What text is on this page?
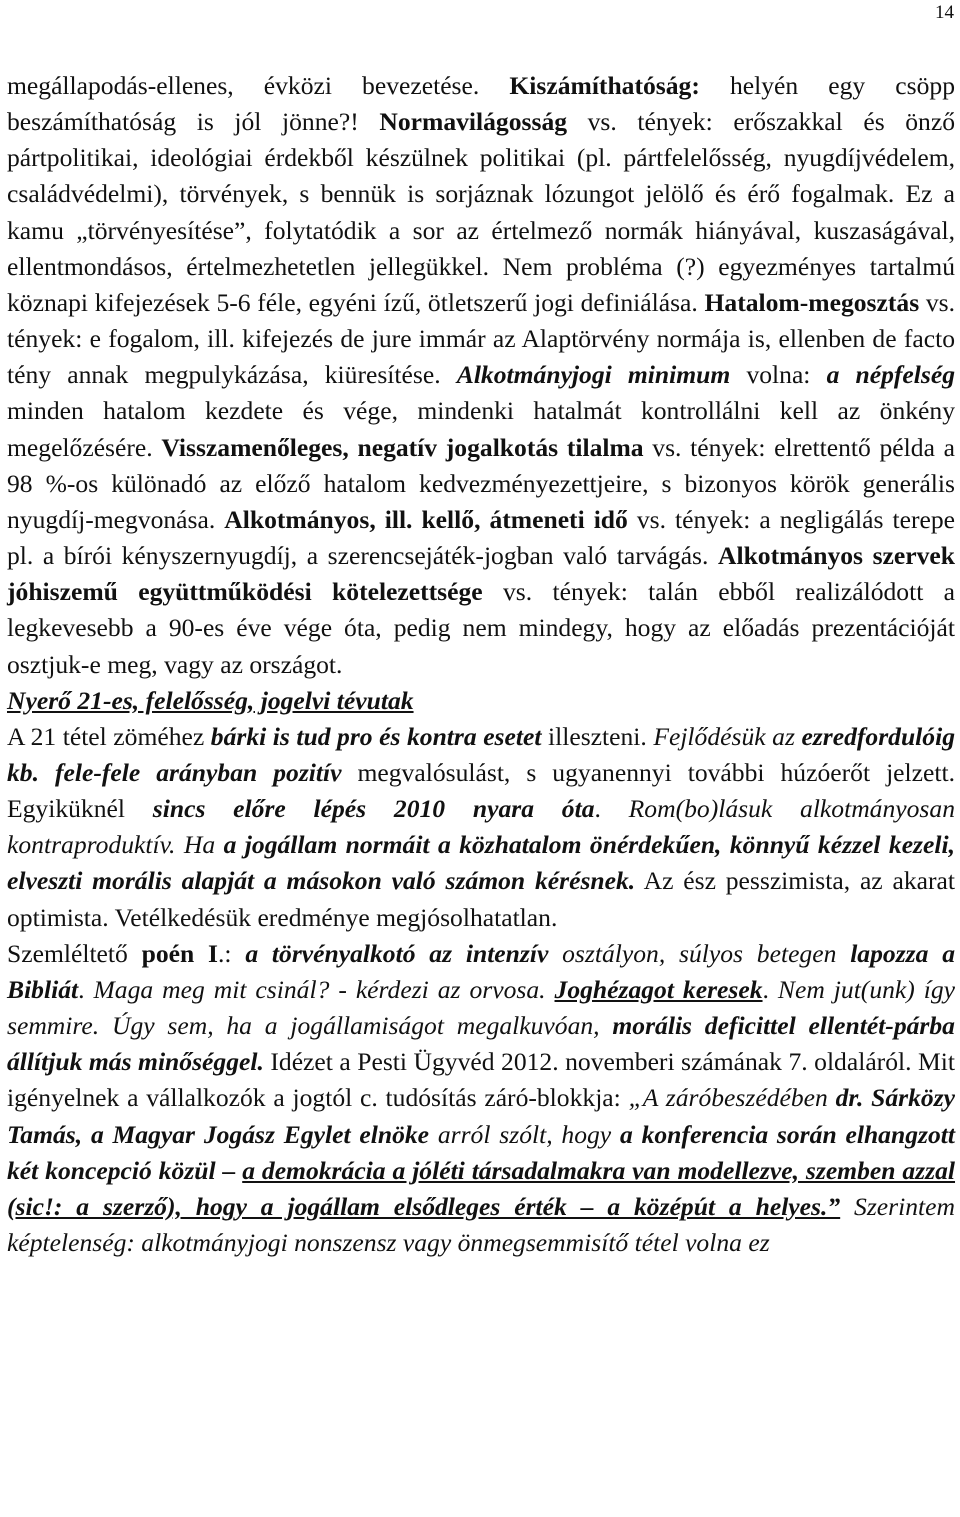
14

megállapodás-ellenes, évközi bevezetése. Kiszámíthatóság: helyén egy csöpp beszámíthatóság is jól jönne?! Normavilágosság vs. tények: erőszakkal és önző pártpolitikai, ideológiai érdekből készülnek politikai (pl. pártfelelősség, nyugdíjvédelem, családvédelmi), törvények, s bennük is sorjáznak lózungot jelölő és érő fogalmak. Ez a kamu „törvényesítése”, folytatódik a sor az értelmező normák hiányával, kuszaságával, ellentmondásos, értelmezhetetlen jellegükkel. Nem probléma (?) egyezményes tartalmú köznapi kifejezések 5-6 féle, egyéni ízű, ötletszerű jogi definiálása. Hatalom-megosztás vs. tények: e fogalom, ill. kifejezés de jure immár az Alaptörvény normája is, ellenben de facto tény annak megpulykázása, kiüresítése. Alkotmányjogi minimum volna: a népfelség minden hatalom kezdete és vége, mindenki hatalmát kontrollálni kell az önkény megelőzésére. Visszamenőleges, negatív jogalkotás tilalma vs. tények: elrettentő példa a 98 %-os különadó az előző hatalom kedvezményezettjeire, s bizonyos körök generális nyugdíj-megvonása. Alkotmányos, ill. kellő, átmeneti idő vs. tények: a negligálás terepe pl. a bírói kényszernyugdíj, a szerencsejáték-jogban való tarvágás. Alkotmányos szervek jóhiszemű együttműködési kötelezettsége vs. tények: talán ebből realizálódott a legkevesebb a 90-es éve vége óta, pedig nem mindegy, hogy az előadás prezentációját osztjuk-e meg, vagy az országot.

Nyerő 21-es, felelősség, jogelvi tévutak

A 21 tétel zöméhez bárki is tud pro és kontra esetet illeszteni. Fejlődésük az ezredfordulóig kb. fele-fele arányban pozitív megvalósulást, s ugyanennyi további húzóerőt jelzett. Egyiküknél sincs előre lépés 2010 nyara óta. Rom(bo)lásuk alkotmányosan kontraproduktív. Ha a jogállam normáit a közhatalom önérdekűen, könnyű kézzel kezeli, elveszti morális alapját a másokon való számon kérésnek. Az ész pesszimista, az akarat optimista. Vetélkedésük eredménye megjósolhatatlan.

Szemléltető poén I.: a törvényalkotó az intenzív osztályon, súlyos betegen lapozza a Bibliát. Maga meg mit csinál? - kérdezi az orvosa. Joghézagot keresek. Nem jut(unk) így semmire. Úgy sem, ha a jogállamiságot megalkuvóan, morális deficittel ellentét-párba állítjuk más minőséggel. Idézet a Pesti Ügyvéd 2012. novemberi számának 7. oldaláról. Mit igényelnek a vállalkozók a jogtól c. tudósítás záró-blokkja: „A záróbeszédében dr. Sárközy Tamás, a Magyar Jogász Egylet elnöke arról szólt, hogy a konferencia során elhangzott két koncepció közül – a demokrácia a jóléti társadalmakra van modellezve, szemben azzal (sic!: a szerző), hogy a jogállam elsődleges érték – a középút a helyes.” Szerintem képtelenség: alkotmányjogi nonszensz vagy önmegsemmisítő tétel volna ez
